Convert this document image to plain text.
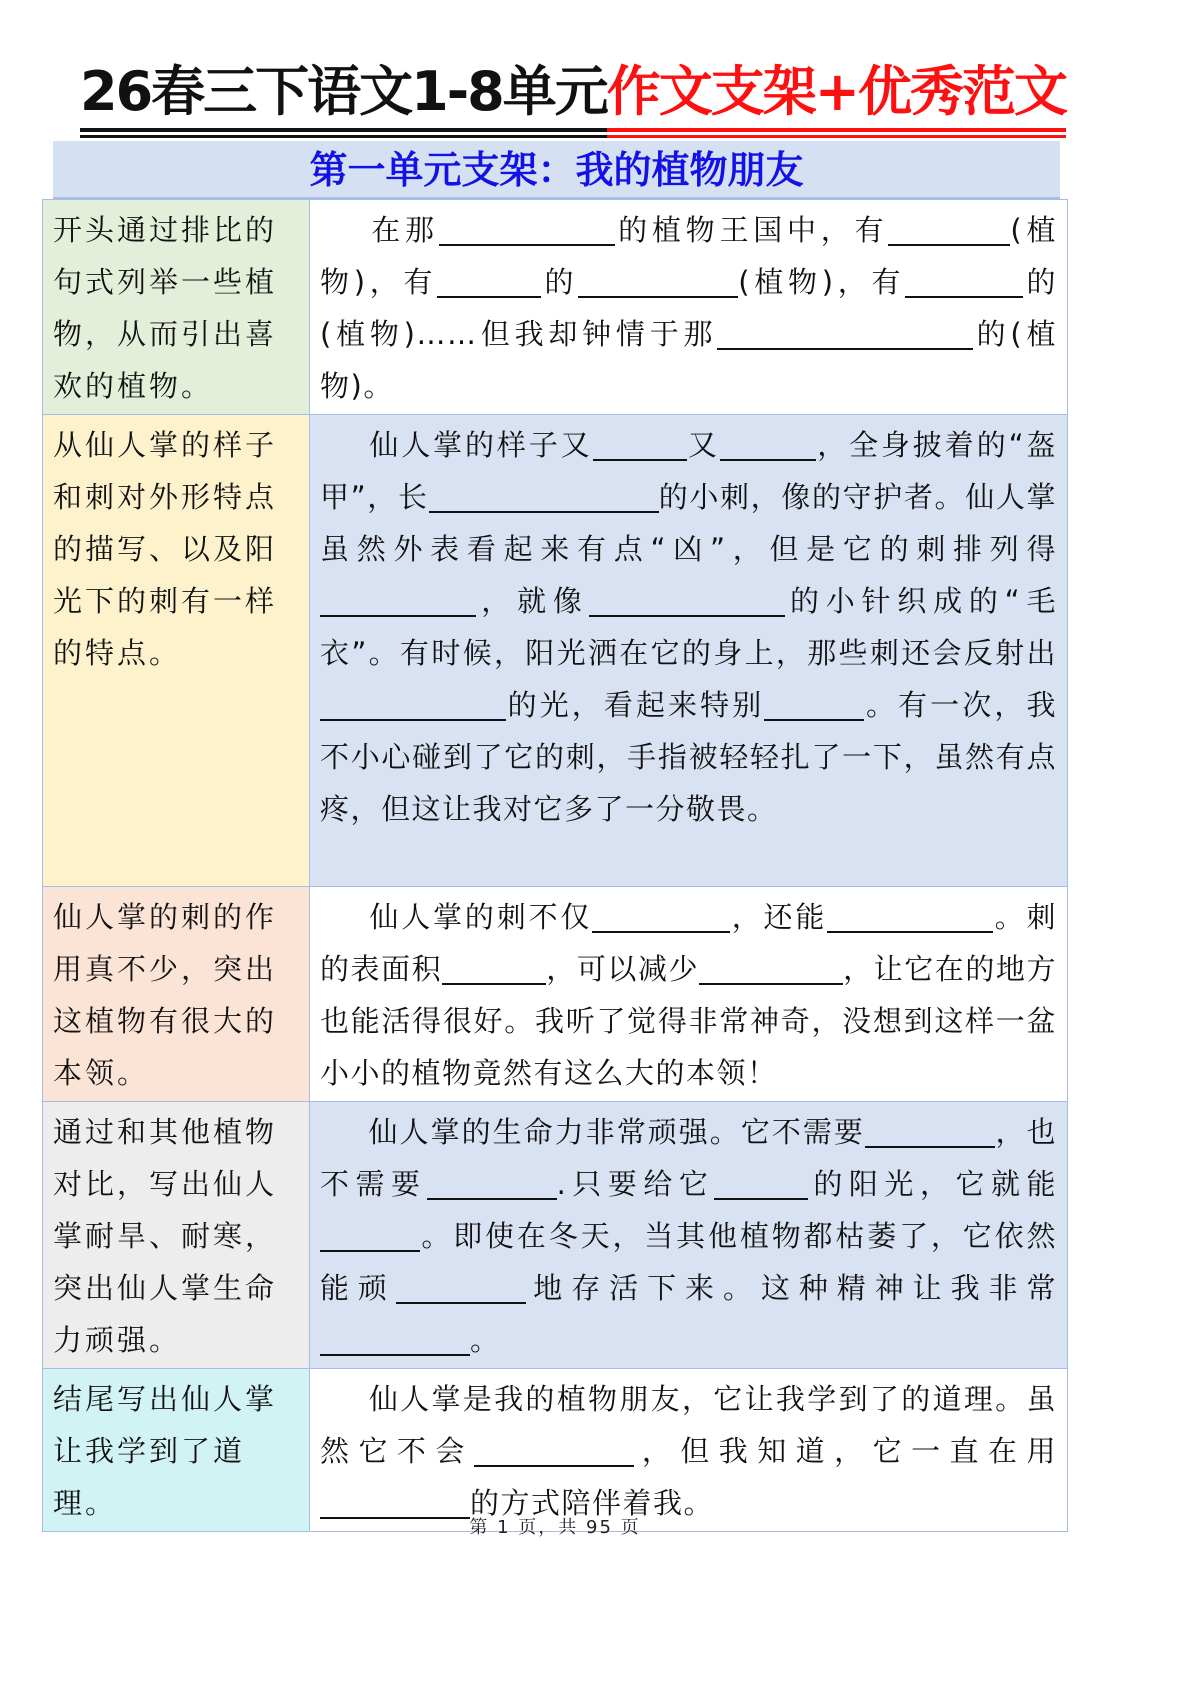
26春三下语文1-8单元 作文支架+优秀范文
第一单元支架：我的植物朋友
开头通过排比的句式列举一些植物，从而引出喜欢的植物。	在那 的植物王国中，有 (植物)，有 的 (植物)，有 的(植物)……但我却钟情于那 的(植物)。
从仙人掌的样子和刺对外形特点的描写、以及阳光下的刺有一样的特点。	仙人掌的样子又 又 ，全身披着的“盔甲”，长 的小刺，像的守护者。仙人掌虽然外表看起来有点“凶”，但是它的刺排列得，就像 的小针织成的“毛衣”。有时候，阳光洒在它的身上，那些刺还会反射出的光，看起来特别 。有一次，我不小心碰到了它的刺，手指被轻轻扎了一下，虽然有点疼，但这让我对它多了一分敬畏。
仙人掌的刺的作用真不少，突出这植物有很大的本领。	仙人掌的刺不仅 ，还能 。刺的表面积 ，可以减少 ，让它在的地方也能活得很好。我听了觉得非常神奇，没想到这样一盆小小的植物竟然有这么大的本领！
通过和其他植物对比，写出仙人掌耐旱、耐寒，突出仙人掌生命力顽强。	仙人掌的生命力非常顽强。它不需要 ，也不需要 .只要给它 的阳光，它就能。即使在冬天，当其他植物都枯萎了，它依然能顽 地存活下来。这种精神让我非常。
结尾写出仙人掌让我学到了道理。	仙人掌是我的植物朋友，它让我学到了的道理。虽然它不会 ，但我知道，它一直在用的方式陪伴着我。
第 1 页，共 95 页
